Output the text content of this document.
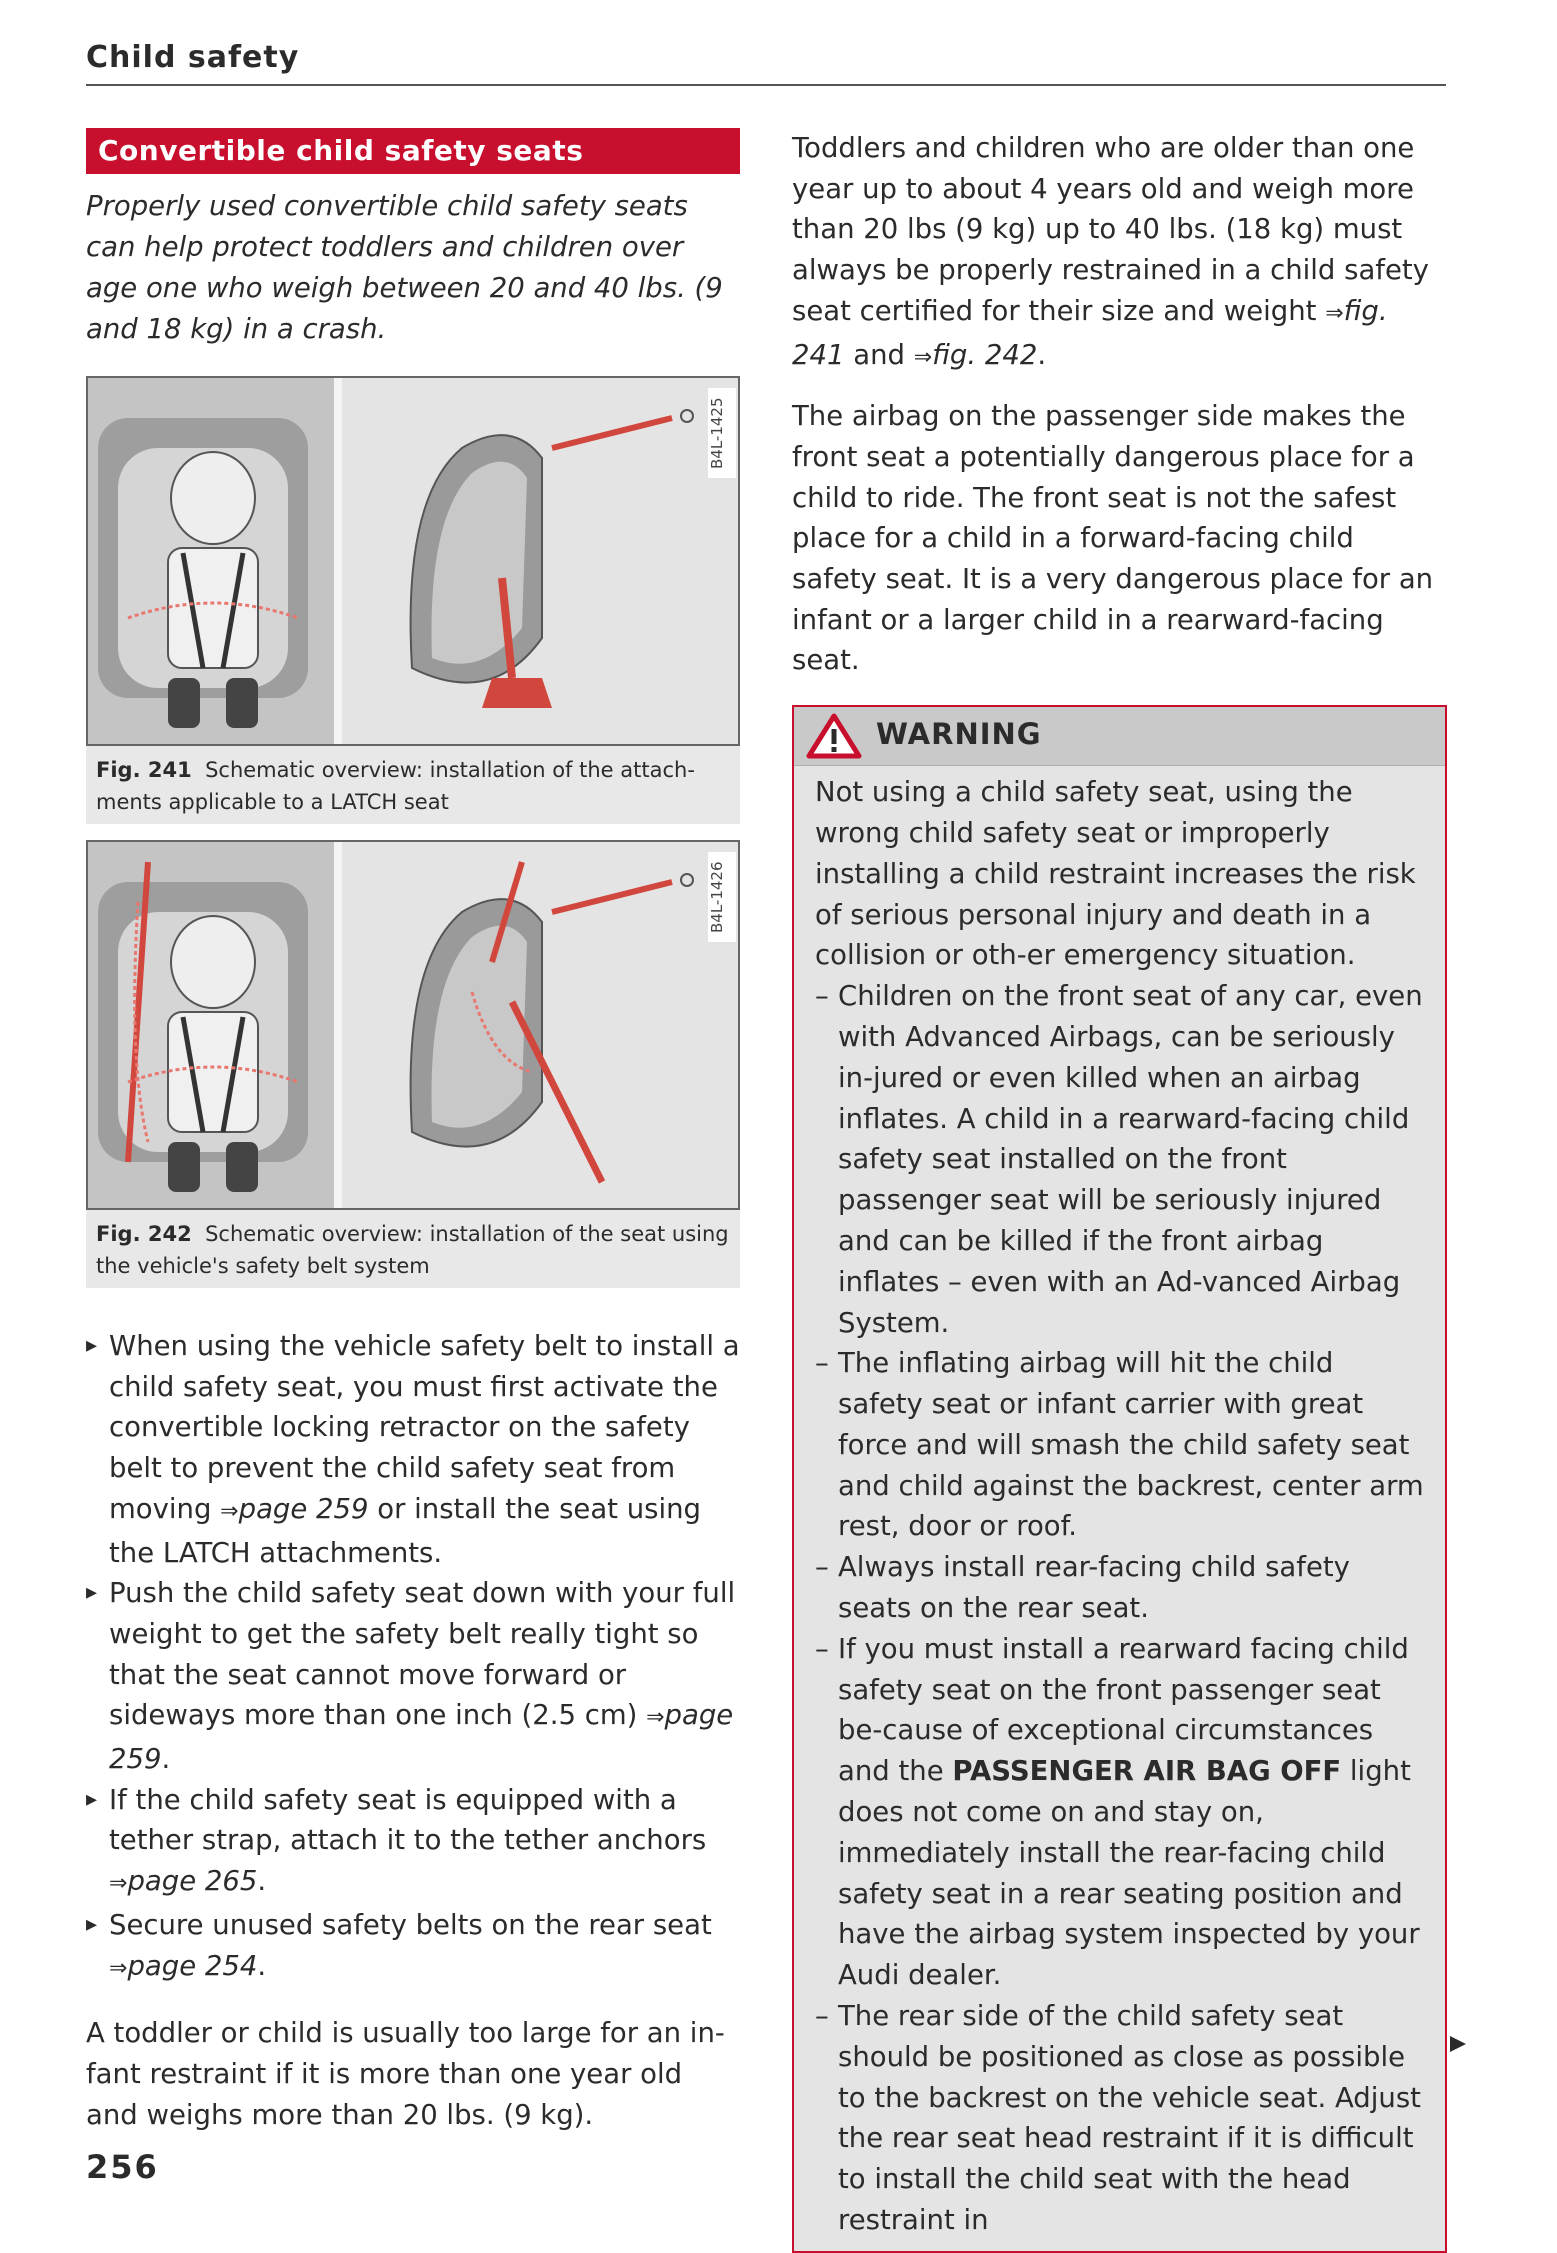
Child safety
Convertible child safety seats
Properly used convertible child safety seats can help protect toddlers and children over age one who weigh between 20 and 40 lbs. (9 and 18 kg) in a crash.
B4L-1425
Fig. 241 Schematic overview: installation of the attach-ments applicable to a LATCH seat
B4L-1426
Fig. 242 Schematic overview: installation of the seat using the vehicle's safety belt system
▸ When using the vehicle safety belt to install a child safety seat, you must first activate the convertible locking retractor on the safety belt to prevent the child safety seat from moving ⇒page 259 or install the seat using the LATCH attachments.
▸ Push the child safety seat down with your full weight to get the safety belt really tight so that the seat cannot move forward or sideways more than one inch (2.5 cm) ⇒page 259.
▸ If the child safety seat is equipped with a tether strap, attach it to the tether anchors ⇒page 265.
▸ Secure unused safety belts on the rear seat ⇒page 254.
A toddler or child is usually too large for an in-fant restraint if it is more than one year old and weighs more than 20 lbs. (9 kg).
Toddlers and children who are older than one year up to about 4 years old and weigh more than 20 lbs (9 kg) up to 40 lbs. (18 kg) must always be properly restrained in a child safety seat certified for their size and weight ⇒fig. 241 and ⇒fig. 242.
The airbag on the passenger side makes the front seat a potentially dangerous place for a child to ride. The front seat is not the safest place for a child in a forward-facing child safety seat. It is a very dangerous place for an infant or a larger child in a rearward-facing seat.
WARNING
Not using a child safety seat, using the wrong child safety seat or improperly installing a child restraint increases the risk of serious personal injury and death in a collision or oth-er emergency situation.
– Children on the front seat of any car, even with Advanced Airbags, can be seriously in-jured or even killed when an airbag inflates. A child in a rearward-facing child safety seat installed on the front passenger seat will be seriously injured and can be killed if the front airbag inflates – even with an Ad-vanced Airbag System.
– The inflating airbag will hit the child safety seat or infant carrier with great force and will smash the child safety seat and child against the backrest, center arm rest, door or roof.
– Always install rear-facing child safety seats on the rear seat.
– If you must install a rearward facing child safety seat on the front passenger seat be-cause of exceptional circumstances and the PASSENGER AIR BAG OFF light does not come on and stay on, immediately install the rear-facing child safety seat in a rear seating position and have the airbag system inspected by your Audi dealer.
– The rear side of the child safety seat should be positioned as close as possible to the backrest on the vehicle seat. Adjust the rear seat head restraint if it is difficult to install the child seat with the head restraint in
256
